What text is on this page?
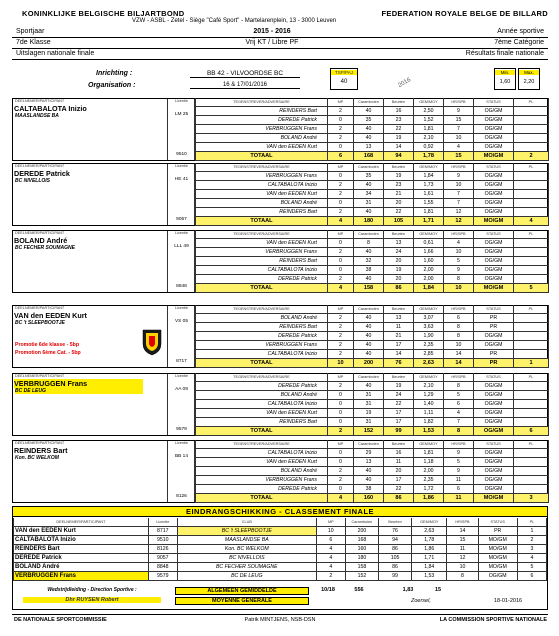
KONINKLIJKE BELGISCHE BILJARTBOND	FEDERATION ROYALE BELGE DE BILLARD
VZW - ASBL - Zetel - Siège "Café Sport" - Martelarenplein, 13 - 3000 Leuven
Sportjaar	2015 - 2016	Année sportive
7de Klasse	Vrij KT / Libre PF	7ème Catégorie
Uitslagen nationale finale	Résultats finale nationale
Inrichting :	BB 42 - VILVOORDSE BC
Organisation :	16 & 17/01/2016
TSP/PAJ
40	2016
Min.
1,60
Max.
2,20
DEELNEMER/PARTICIPANT
CALTABALOTA Inizio
MAASLANDSE BA
Licentie
LM 25
9510
TEGENSTREVER/ADVERSAIRE	MP	Carambolen	Beurten	GEM/MOY	HR/SPB	STATUS	PL
REINDERS Bart	2	40	16	2,50	9	OG/GM	
DEREDE Patrick	0	35	23	1,52	15	OG/GM	
VERBRUGGEN Frans	2	40	22	1,81	7	OG/GM	
BOLAND André	2	40	19	2,10	10	OG/GM	
VAN den EEDEN Kurt	0	13	14	0,92	4	OG/GM	
TOTAAL	6	168	94	1,78	15	MO/GM	2
DEELNEMER/PARTICIPANT
DEREDE Patrick
BC NIVELLOIS
Licentie
HE 41
9057
TEGENSTREVER/ADVERSAIRE	MP	Carambolen	Beurten	GEM/MOY	HR/SPB	STATUS	PL
VERBRUGGEN Frans	0	35	19	1,84	9	OG/GM	
CALTABALOTA Inizio	2	40	23	1,73	10	OG/GM	
VAN den EEDEN Kurt	2	34	21	1,61	7	OG/GM	
BOLAND André	0	31	20	1,55	7	OG/GM	
REINDERS Bart	2	40	22	1,81	12	OG/GM	
TOTAAL	4	180	105	1,71	12	MO/GM	4
DEELNEMER/PARTICIPANT
BOLAND André
BC FECHER SOUMAGNE
Licentie
LLL 49
8848
TEGENSTREVER/ADVERSAIRE	MP	Carambolen	Beurten	GEM/MOY	HR/SPB	STATUS	PL
VAN den EEDEN Kurt	0	8	13	0,61	4	OG/GM	
VERBRUGGEN Frans	2	40	24	1,66	10	OG/GM	
REINDERS Bart	0	32	20	1,60	5	OG/GM	
CALTABALOTA Inizio	0	38	19	2,00	9	OG/GM	
DEREDE Patrick	2	40	20	2,00	8	OG/GM	
TOTAAL	4	158	86	1,84	10	MO/GM	5
DEELNEMER/PARTICIPANT
VAN den EEDEN Kurt
BC 't SLEEPBOOTJE
Promotie 6de klasse - 5bp
Promotion 6ème Cat. - 5bp
Licentie
VS 05
8717
TEGENSTREVER/ADVERSAIRE	MP	Carambolen	Beurten	GEM/MOY	HR/SPB	STATUS	PL
BOLAND André	2	40	13	3,07	6	PR	
REINDERS Bart	2	40	11	3,63	8	PR	
DEREDE Patrick	2	40	21	1,90	8	OG/GM	
VERBRUGGEN Frans	2	40	17	2,35	10	OG/GM	
CALTABALOTA Inizio	2	40	14	2,85	14	PR	
TOTAAL	10	200	76	2,63	14	PR	1
DEELNEMER/PARTICIPANT
VERBRUGGEN Frans
BC DE LEUG
Licentie
AA 09
9579
TEGENSTREVER/ADVERSAIRE	MP	Carambolen	Beurten	GEM/MOY	HR/SPB	STATUS	PL
DEREDE Patrick	2	40	19	2,10	8	OG/GM	
BOLAND André	0	31	24	1,29	5	OG/GM	
CALTABALOTA Inizio	0	31	22	1,40	6	OG/GM	
VAN den EEDEN Kurt	0	19	17	1,11	4	OG/GM	
REINDERS Bart	0	31	17	1,82	7	OG/GM	
TOTAAL	2	152	99	1,53	8	OG/GM	6
DEELNEMER/PARTICIPANT
REINDERS Bart
Kon. BC WELKOM
Licentie
BB 14
8126
TEGENSTREVER/ADVERSAIRE	MP	Carambolen	Beurten	GEM/MOY	HR/SPB	STATUS	PL
CALTABALOTA Inizio	0	29	16	1,81	9	OG/GM	
VAN den EEDEN Kurt	0	13	11	1,18	5	OG/GM	
BOLAND André	2	40	20	2,00	9	OG/GM	
VERBRUGGEN Frans	2	40	17	2,35	11	OG/GM	
DEREDE Patrick	0	38	22	1,72	6	OG/GM	
TOTAAL	4	160	86	1,86	11	MO/GM	3
EINDRANGSCHIKKING - CLASSEMENT FINALE
DEELNEMER/PARTICIPANT	Licentie	CLUB	MP	Carambolen	Beurten	GEM/MOY	HR/SPB	STATUS	PL
VAN den EEDEN Kurt	8717	BC 't SLEEPBOOTJE	10	200	76	2,63	14	PR	1
CALTABALOTA Inizio	9510	MAASLANDSE BA	6	168	94	1,78	15	MO/GM	2
REINDERS Bart	8126	Kon. BC WELKOM	4	160	86	1,86	11	MO/GM	3
DEREDE Patrick	9057	BC NIVELLOIS	4	180	105	1,71	12	MO/GM	4
BOLAND André	8848	BC FECHER SOUMAGNE	4	158	86	1,84	10	MO/GM	5
VERBRUGGEN Frans	9579	BC DE LEUG	2	152	99	1,53	8	OG/GM	6
Wedstrijdleiding - Direction Sportive :
Dhr RUYSEN Robert
ALGEMEEN GEMIDDELDE
MOYENNE GENERALE
10/18	556	1,83	15
Zoersel,	18-01-2016
DE NATIONALE SPORTCOMMISSIE	Patrik MINTJENS, NSB-DSN	LA COMMISSION SPORTIVE NATIONALE
